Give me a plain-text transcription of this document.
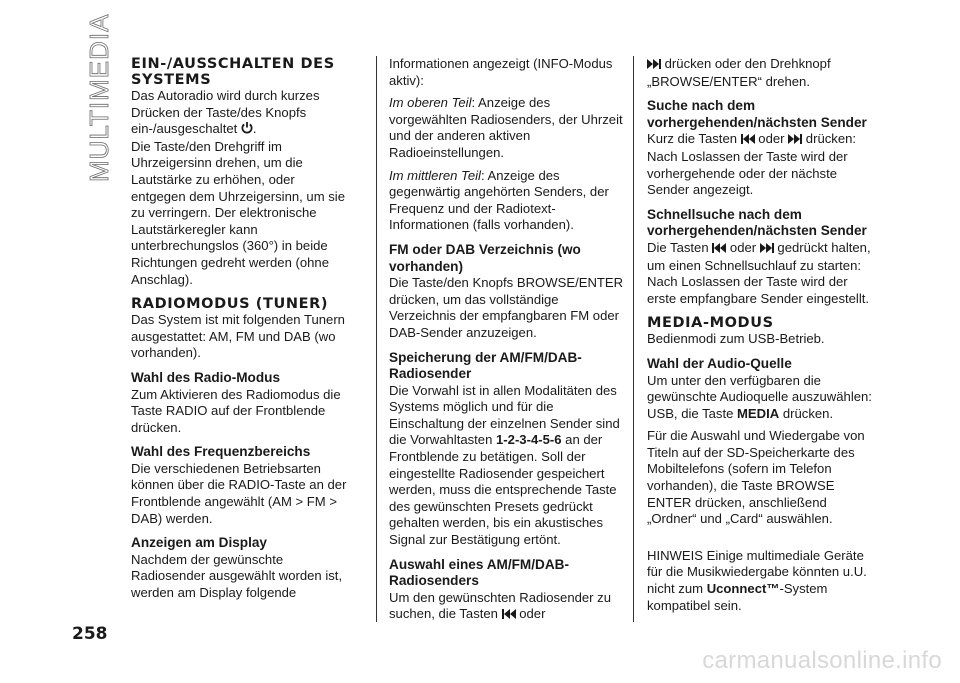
MULTIMEDIA EIN-/AUSSCHALTEN DES SYSTEMS

Das Autoradio wird durch kurzes Drücken der Taste/des Knopfs ein-/ausgeschaltet .

Die Taste/den Drehgriff im Uhrzeigersinn drehen, um die Lautstärke zu erhöhen, oder entgegen dem Uhrzeigersinn, um sie zu verringern. Der elektronische Lautstärkeregler kann unterbrechungslos (360°) in beide Richtungen gedreht werden (ohne Anschlag).

RADIOMODUS (TUNER)

Das System ist mit folgenden Tunern ausgestattet: AM, FM und DAB (wo vorhanden).

Wahl des Radio-Modus

Zum Aktivieren des Radiomodus die Taste RADIO auf der Frontblende drücken.

Wahl des Frequenzbereichs

Die verschiedenen Betriebsarten können über die RADIO-Taste an der Frontblende angewählt (AM > FM > DAB) werden.

Anzeigen am Display

Nachdem der gewünschte Radiosender ausgewählt worden ist, werden am Display folgende

Informationen angezeigt (INFO-Modus aktiv):

Im oberen Teil: Anzeige des vorgewählten Radiosenders, der Uhrzeit und der anderen aktiven Radioeinstellungen.

Im mittleren Teil: Anzeige des gegenwärtig angehörten Senders, der Frequenz und der Radiotext-Informationen (falls vorhanden).

FM oder DAB Verzeichnis (wo vorhanden)

Die Taste/den Knopfs BROWSE/ENTER drücken, um das vollständige Verzeichnis der empfangbaren FM oder DAB-Sender anzuzeigen.

Speicherung der AM/FM/DAB-Radiosender

Die Vorwahl ist in allen Modalitäten des Systems möglich und für die Einschaltung der einzelnen Sender sind die Vorwahltasten 1-2-3-4-5-6 an der Frontblende zu betätigen. Soll der eingestellte Radiosender gespeichert werden, muss die entsprechende Taste des gewünschten Presets gedrückt gehalten werden, bis ein akustisches Signal zur Bestätigung ertönt.

Auswahl eines AM/FM/DAB-Radiosenders

Um den gewünschten Radiosender zu suchen, die Tasten oder

drücken oder den Drehknopf „BROWSE/ENTER“ drehen.

Suche nach dem vorhergehenden/nächsten Sender

Kurz die Tasten oder drücken: Nach Loslassen der Taste wird der vorhergehende oder der nächste Sender angezeigt.

Schnellsuche nach dem vorhergehenden/nächsten Sender

Die Tasten oder gedrückt halten, um einen Schnellsuchlauf zu starten: Nach Loslassen der Taste wird der erste empfangbare Sender eingestellt.

MEDIA-MODUS

Bedienmodi zum USB-Betrieb.

Wahl der Audio-Quelle

Um unter den verfügbaren die gewünschte Audioquelle auszuwählen: USB, die Taste MEDIA drücken.

Für die Auswahl und Wiedergabe von Titeln auf der SD-Speicherkarte des Mobiltelefons (sofern im Telefon vorhanden), die Taste BROWSE ENTER drücken, anschließend „Ordner“ und „Card“ auswählen.

HINWEIS Einige multimediale Geräte für die Musikwiedergabe könnten u.U. nicht zum Uconnect™-System kompatibel sein.

258
carmanualsonline.info
